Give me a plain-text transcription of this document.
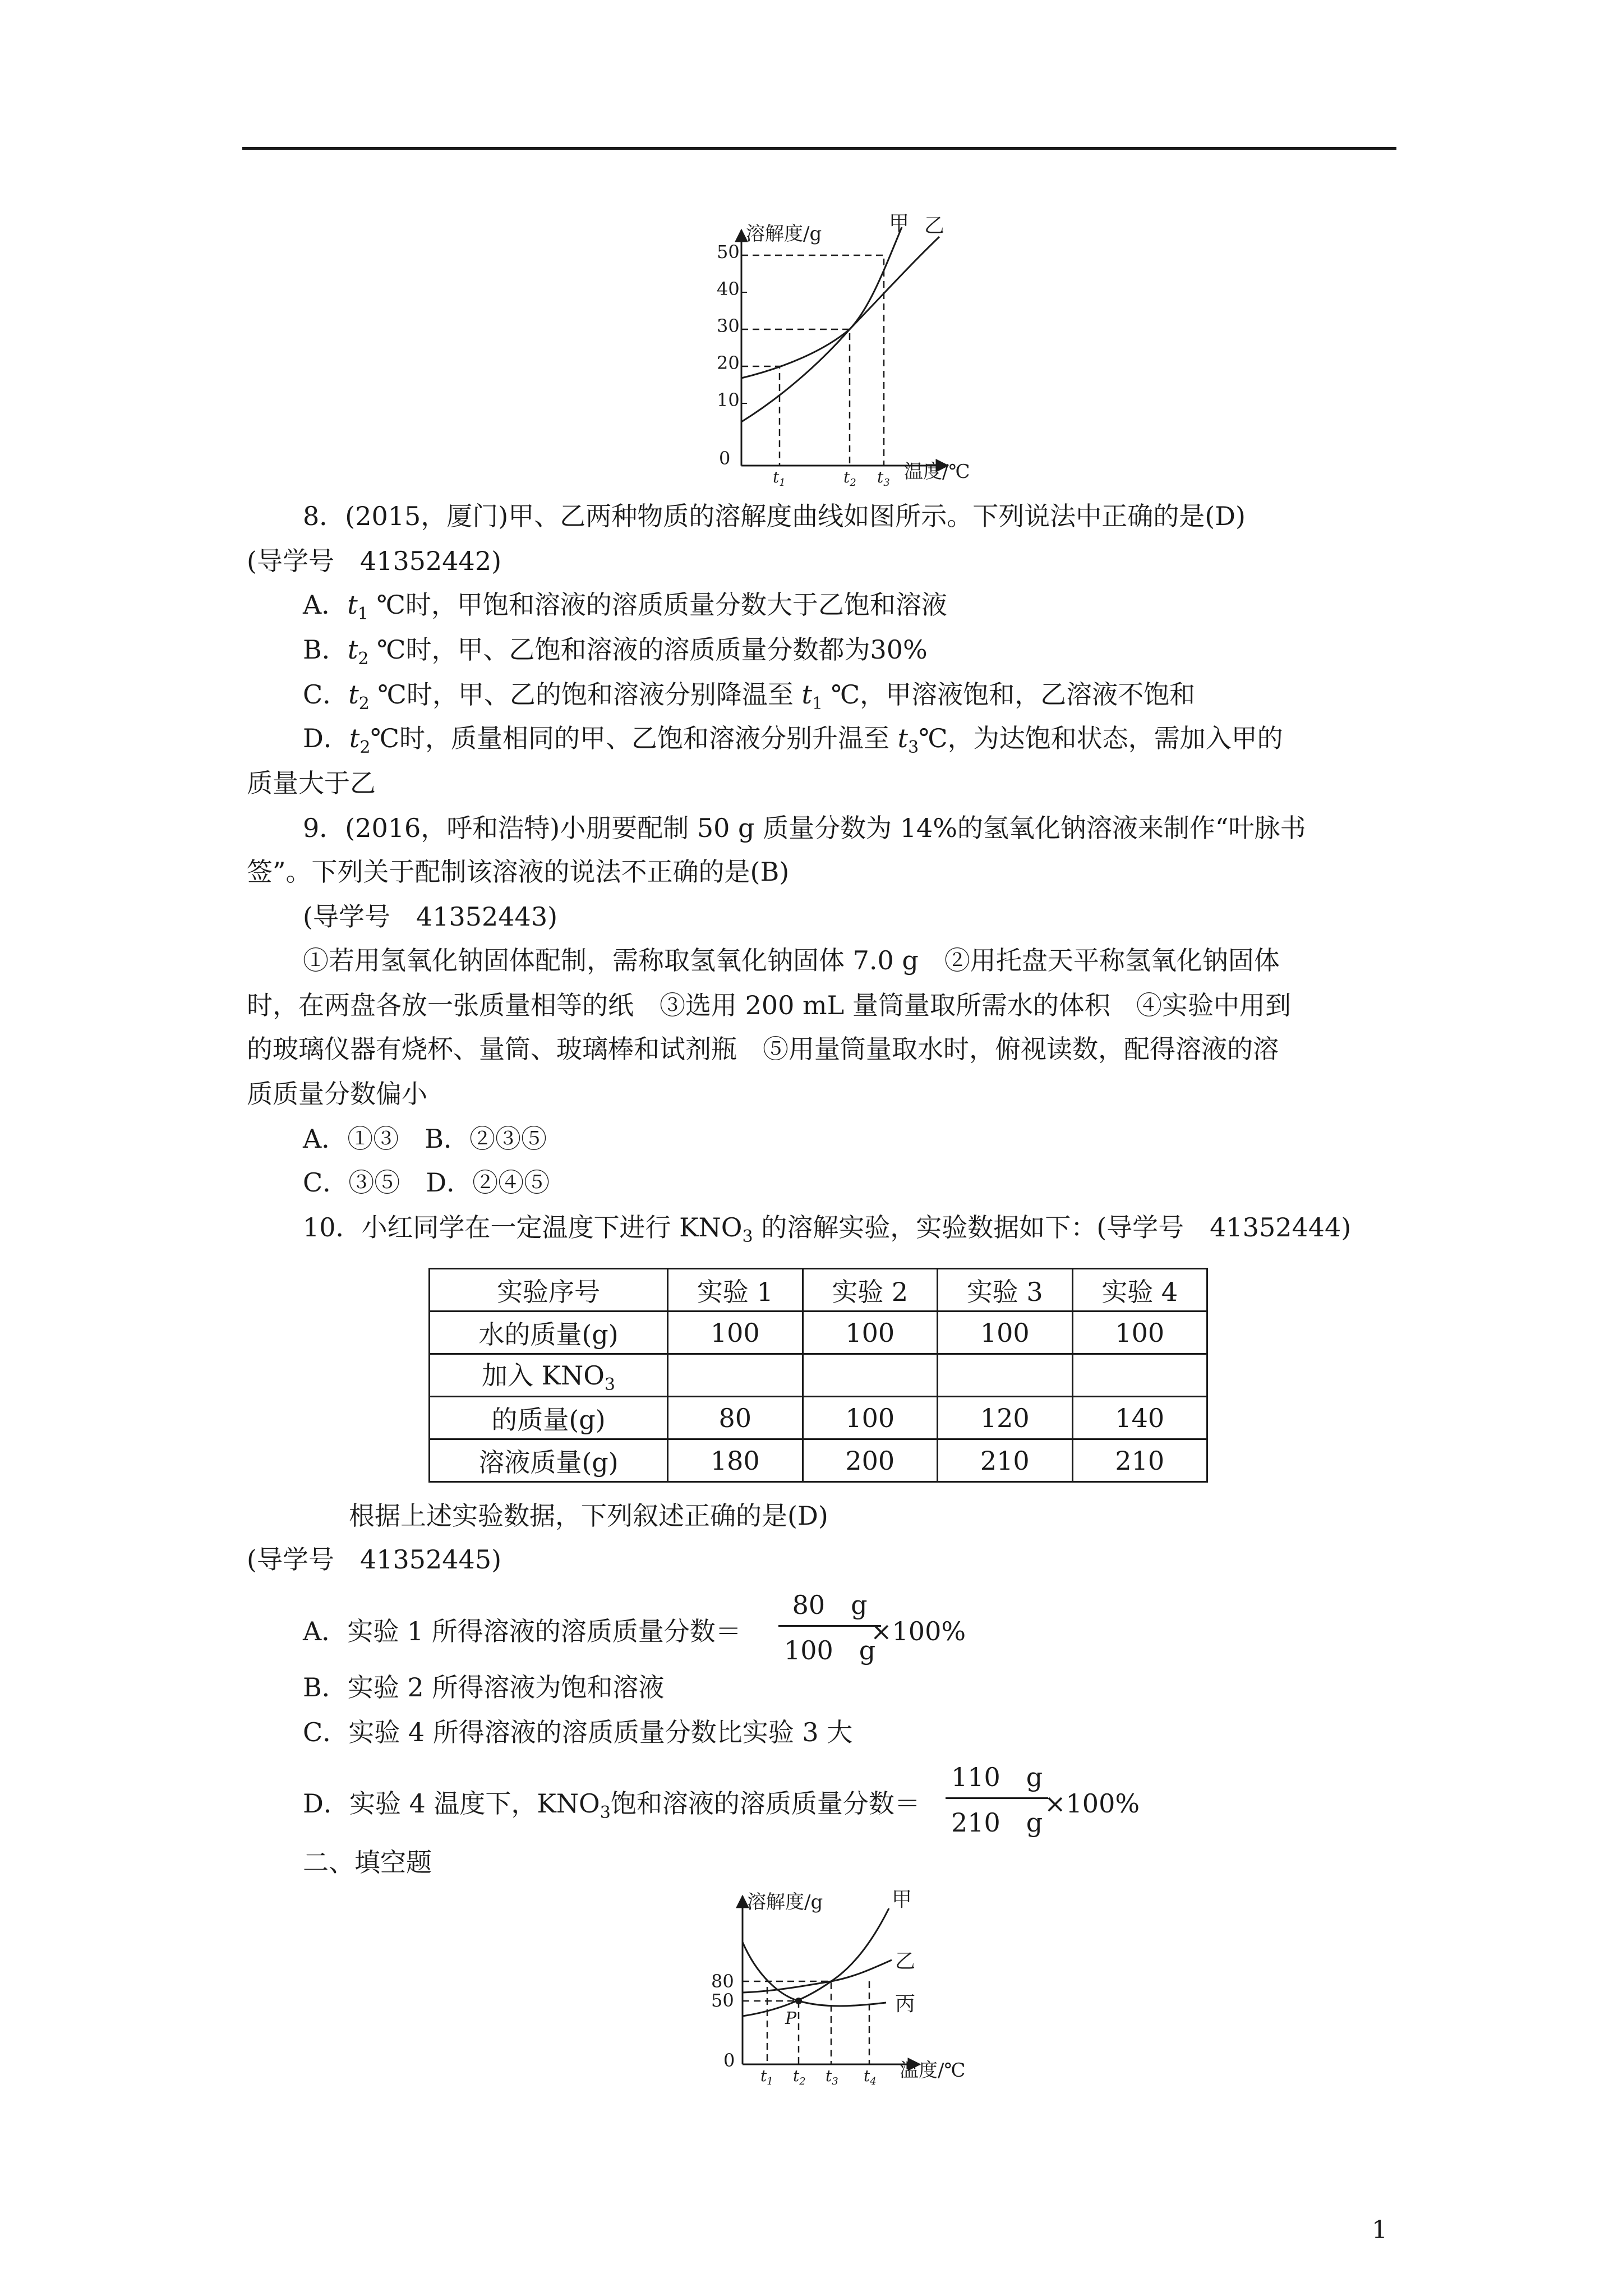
溶解度/g
温度/℃
0
50
40
30
20
10
甲 乙
$t_1$	$t_2$ $t_3$
8．(2015，厦门)甲、乙两种物质的溶解度曲线如图所示。下列说法中正确的是(D)
(导学号　41352442)
A．$t_1$ ℃时，甲饱和溶液的溶质质量分数大于乙饱和溶液
B．$t_2$ ℃时，甲、乙饱和溶液的溶质质量分数都为30%
C．$t_2$ ℃时，甲、乙的饱和溶液分别降温至 $t_1$ ℃，甲溶液饱和，乙溶液不饱和
D．$t_2℃$时，质量相同的甲、乙饱和溶液分别升温至 $t_3℃$，为达饱和状态，需加入甲的
质量大于乙
9．(2016，呼和浩特)小朋要配制 50 g 质量分数为 14%的氢氧化钠溶液来制作“叶脉书
签”。下列关于配制该溶液的说法不正确的是(B)
(导学号　41352443)
①若用氢氧化钠固体配制，需称取氢氧化钠固体 7.0 g　②用托盘天平称氢氧化钠固体
时，在两盘各放一张质量相等的纸　③选用 200 mL 量筒量取所需水的体积　④实验中用到
的玻璃仪器有烧杯、量筒、玻璃棒和试剂瓶　⑤用量筒量取水时，俯视读数，配得溶液的溶
质质量分数偏小
A．①③　B．②③⑤
C．③⑤　D．②④⑤
10．小红同学在一定温度下进行 $KNO_3$ 的溶解实验，实验数据如下：(导学号　41352444)
实验序号	实验 1	实验 2	实验 3	实验 4
水的质量(g)	100	100	100	100
加入 $KNO_3$				
的质量(g)	80	100	120	140
溶液质量(g)	180	200	210	210
根据上述实验数据，下列叙述正确的是(D)
(导学号　41352445)
A．实验 1 所得溶液的溶质质量分数＝
80　g
100　g
×100%
B．实验 2 所得溶液为饱和溶液
C．实验 4 所得溶液的溶质质量分数比实验 3 大
D．实验 4 温度下，$KNO_3$饱和溶液的溶质质量分数＝
110　g
210　g
×100%
二、填空题
溶解度/g
温度/℃
0
80
50
P
甲
乙
丙
$t_1$ $t_2$ $t_3$ $t_4$
1
